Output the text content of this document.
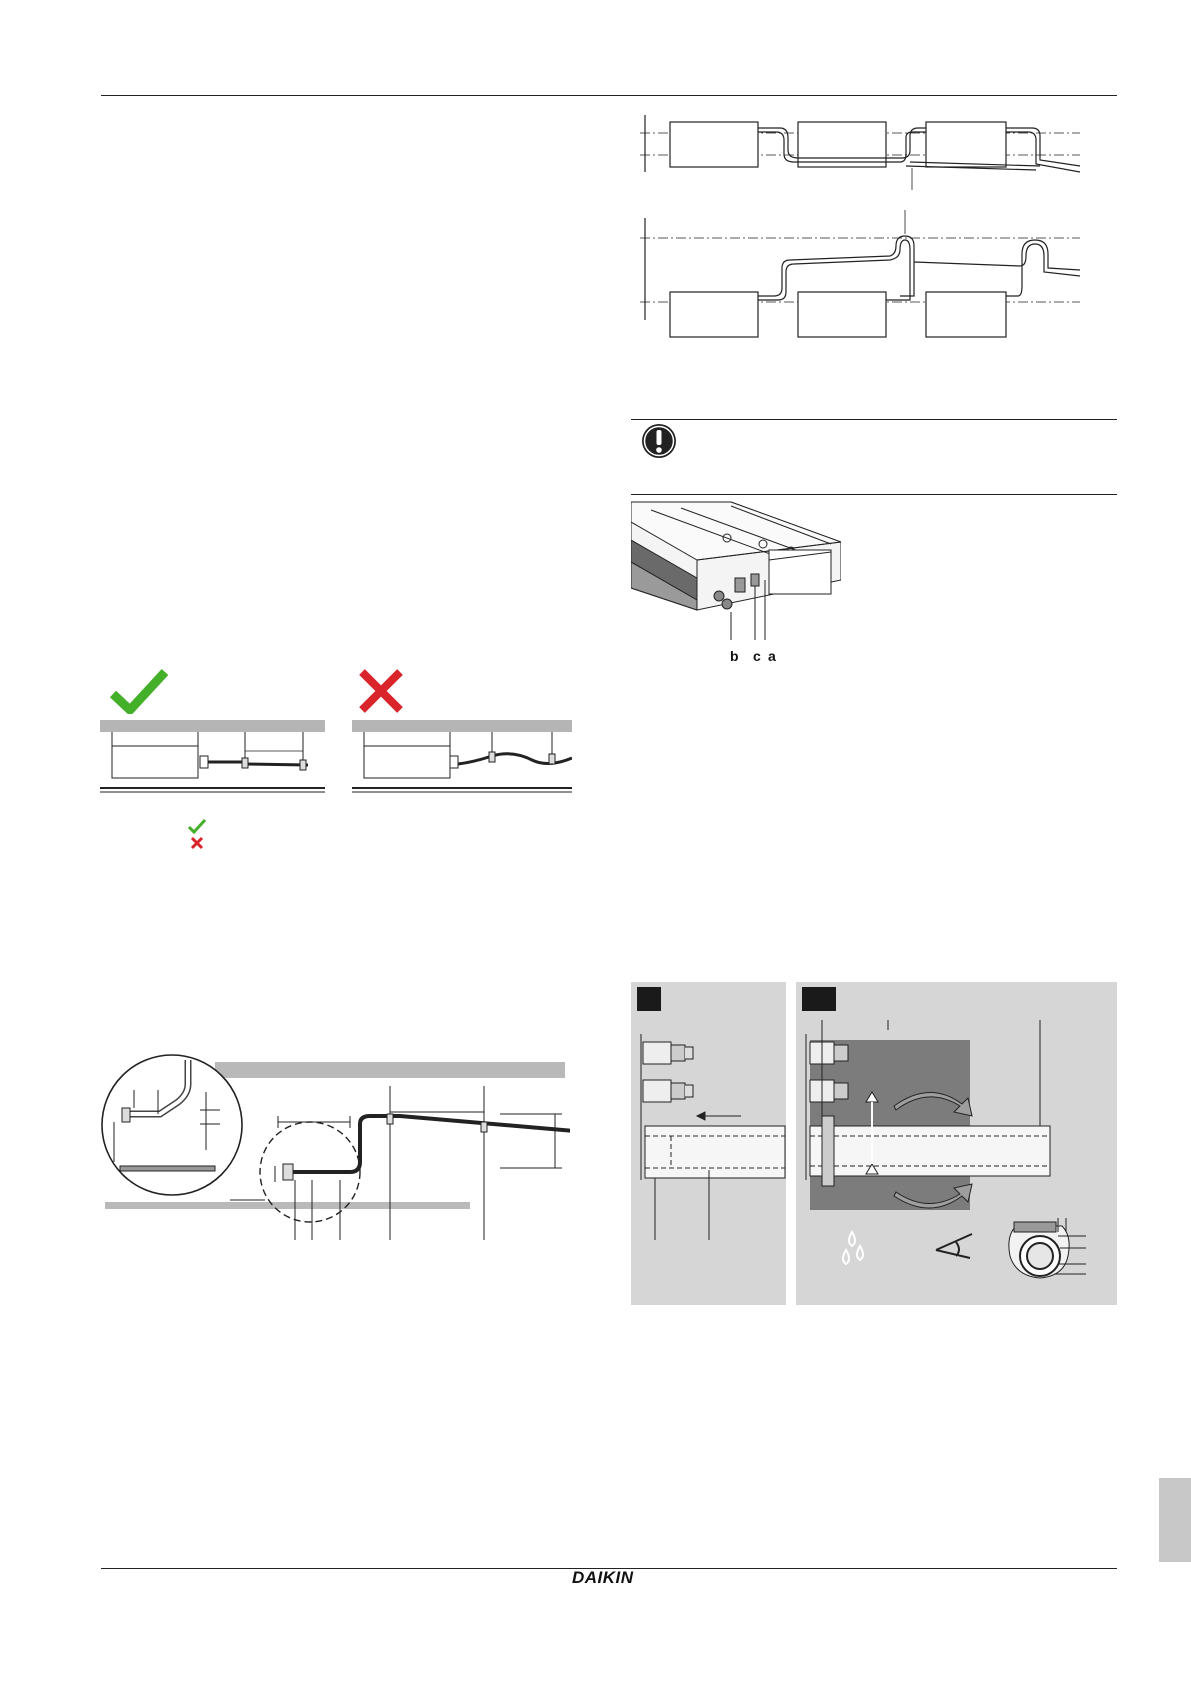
b c a
DAIKIN
